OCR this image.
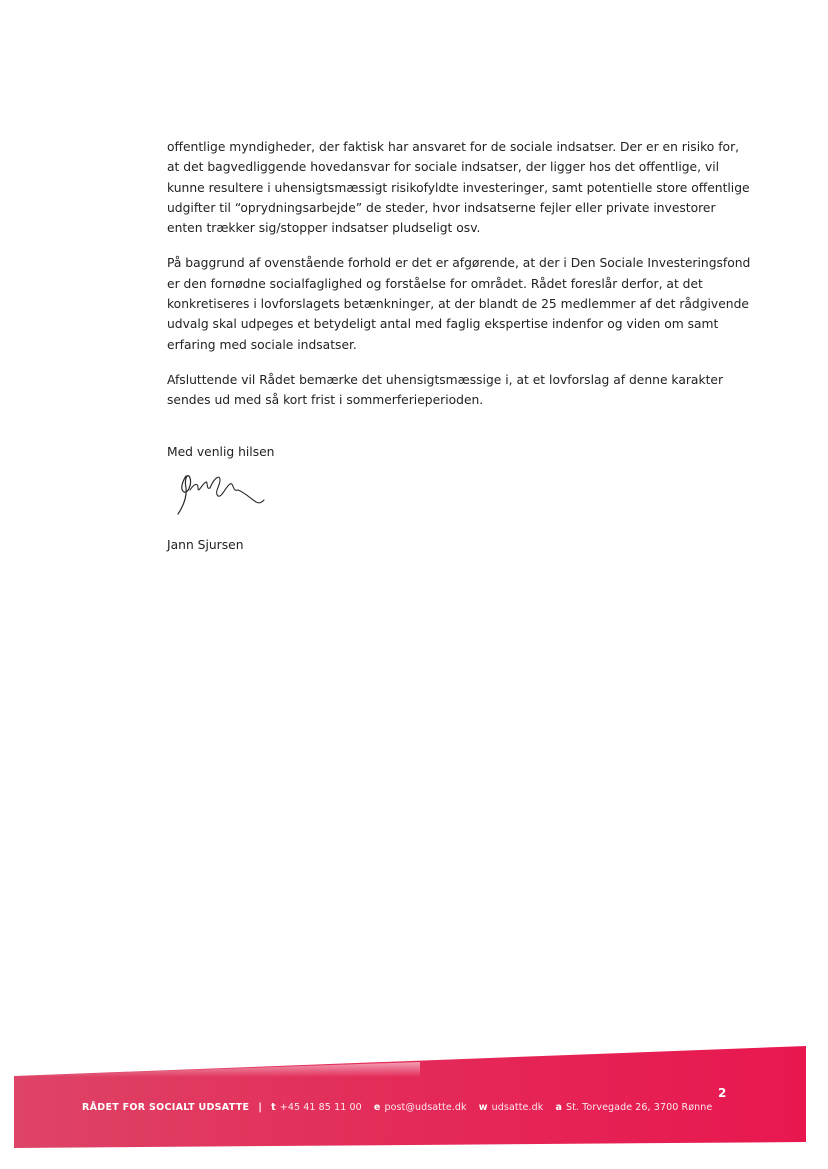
offentlige myndigheder, der faktisk har ansvaret for de sociale indsatser. Der er en risiko for, at det bagvedliggende hovedansvar for sociale indsatser, der ligger hos det offentlige, vil kunne resultere i uhensigtsmæssigt risikofyldte investeringer, samt potentielle store offentlige udgifter til “oprydningsarbejde” de steder, hvor indsatserne fejler eller private investorer enten trækker sig/stopper indsatser pludseligt osv.

På baggrund af ovenstående forhold er det er afgørende, at der i Den Sociale Investeringsfond er den fornødne socialfaglighed og forståelse for området. Rådet foreslår derfor, at det konkretiseres i lovforslagets betænkninger, at der blandt de 25 medlemmer af det rådgivende udvalg skal udpeges et betydeligt antal med faglig ekspertise indenfor og viden om samt erfaring med sociale indsatser.

Afsluttende vil Rådet bemærke det uhensigtsmæssige i, at et lovforslag af denne karakter sendes ud med så kort frist i sommerferieperioden.

Med venlig hilsen
Jann Sjursen
2
RÅDET FOR SOCIALT UDSATTE | t +45 41 85 11 00 e post@udsatte.dk w udsatte.dk a St. Torvegade 26, 3700 Rønne
